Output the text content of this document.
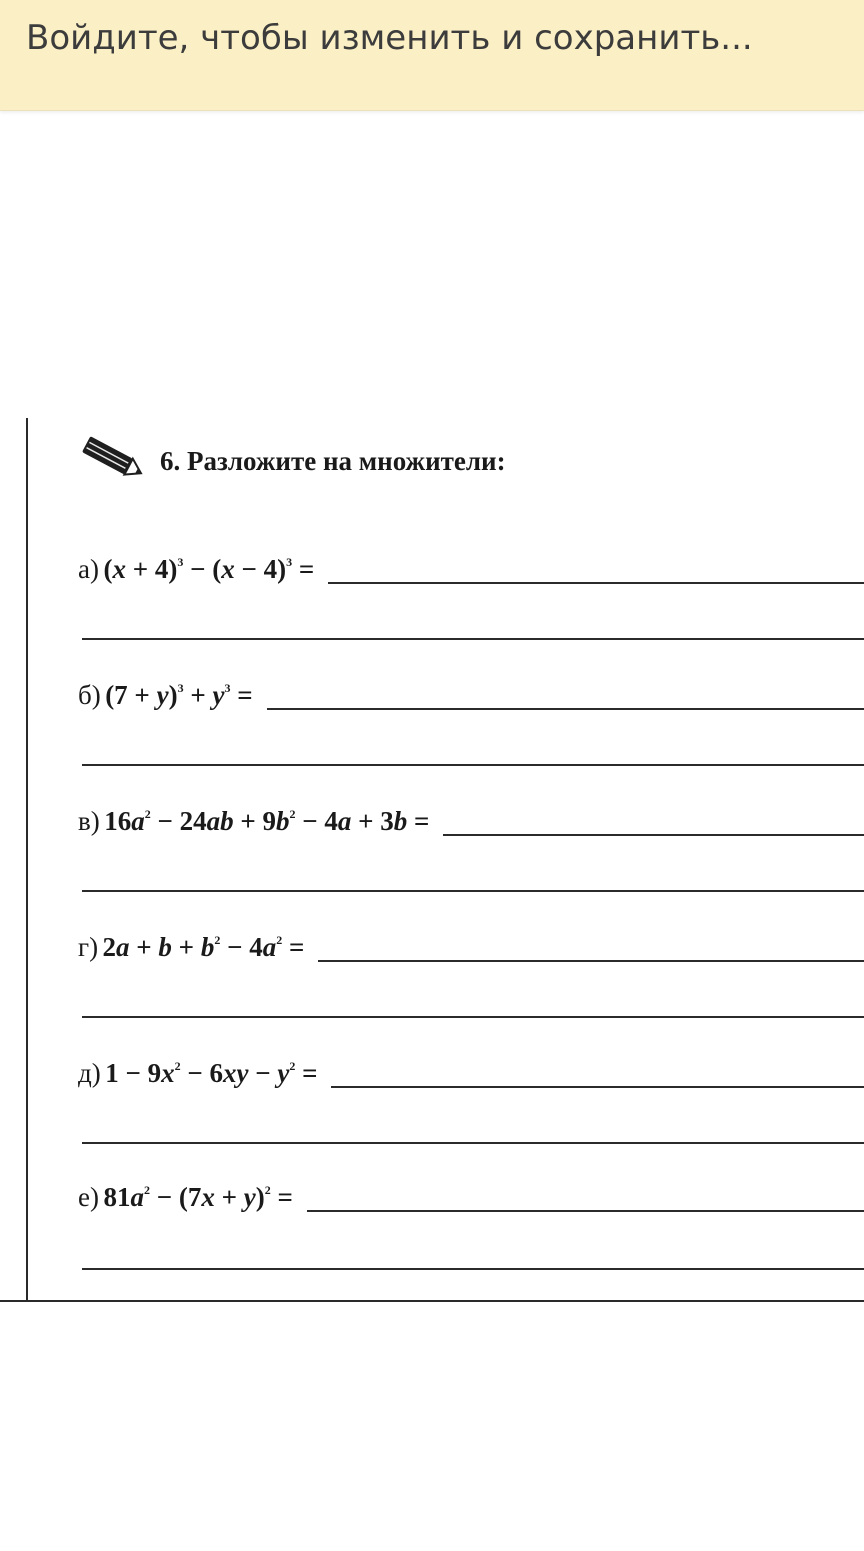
Войдите, чтобы изменить и сохранить...
6. Разложите на множители:
а)
$(x + 4)^3 - (x - 4)^3$ =
б)
$(7 + y)^3 + y^3$ =
в)
$16a^2 - 24ab + 9b^2 - 4a + 3b$ =
г)
$2a + b + b^2 - 4a^2$ =
д)
$1 - 9x^2 - 6xy - y^2$ =
е)
$81a^2 - (7x + y)^2$ =
